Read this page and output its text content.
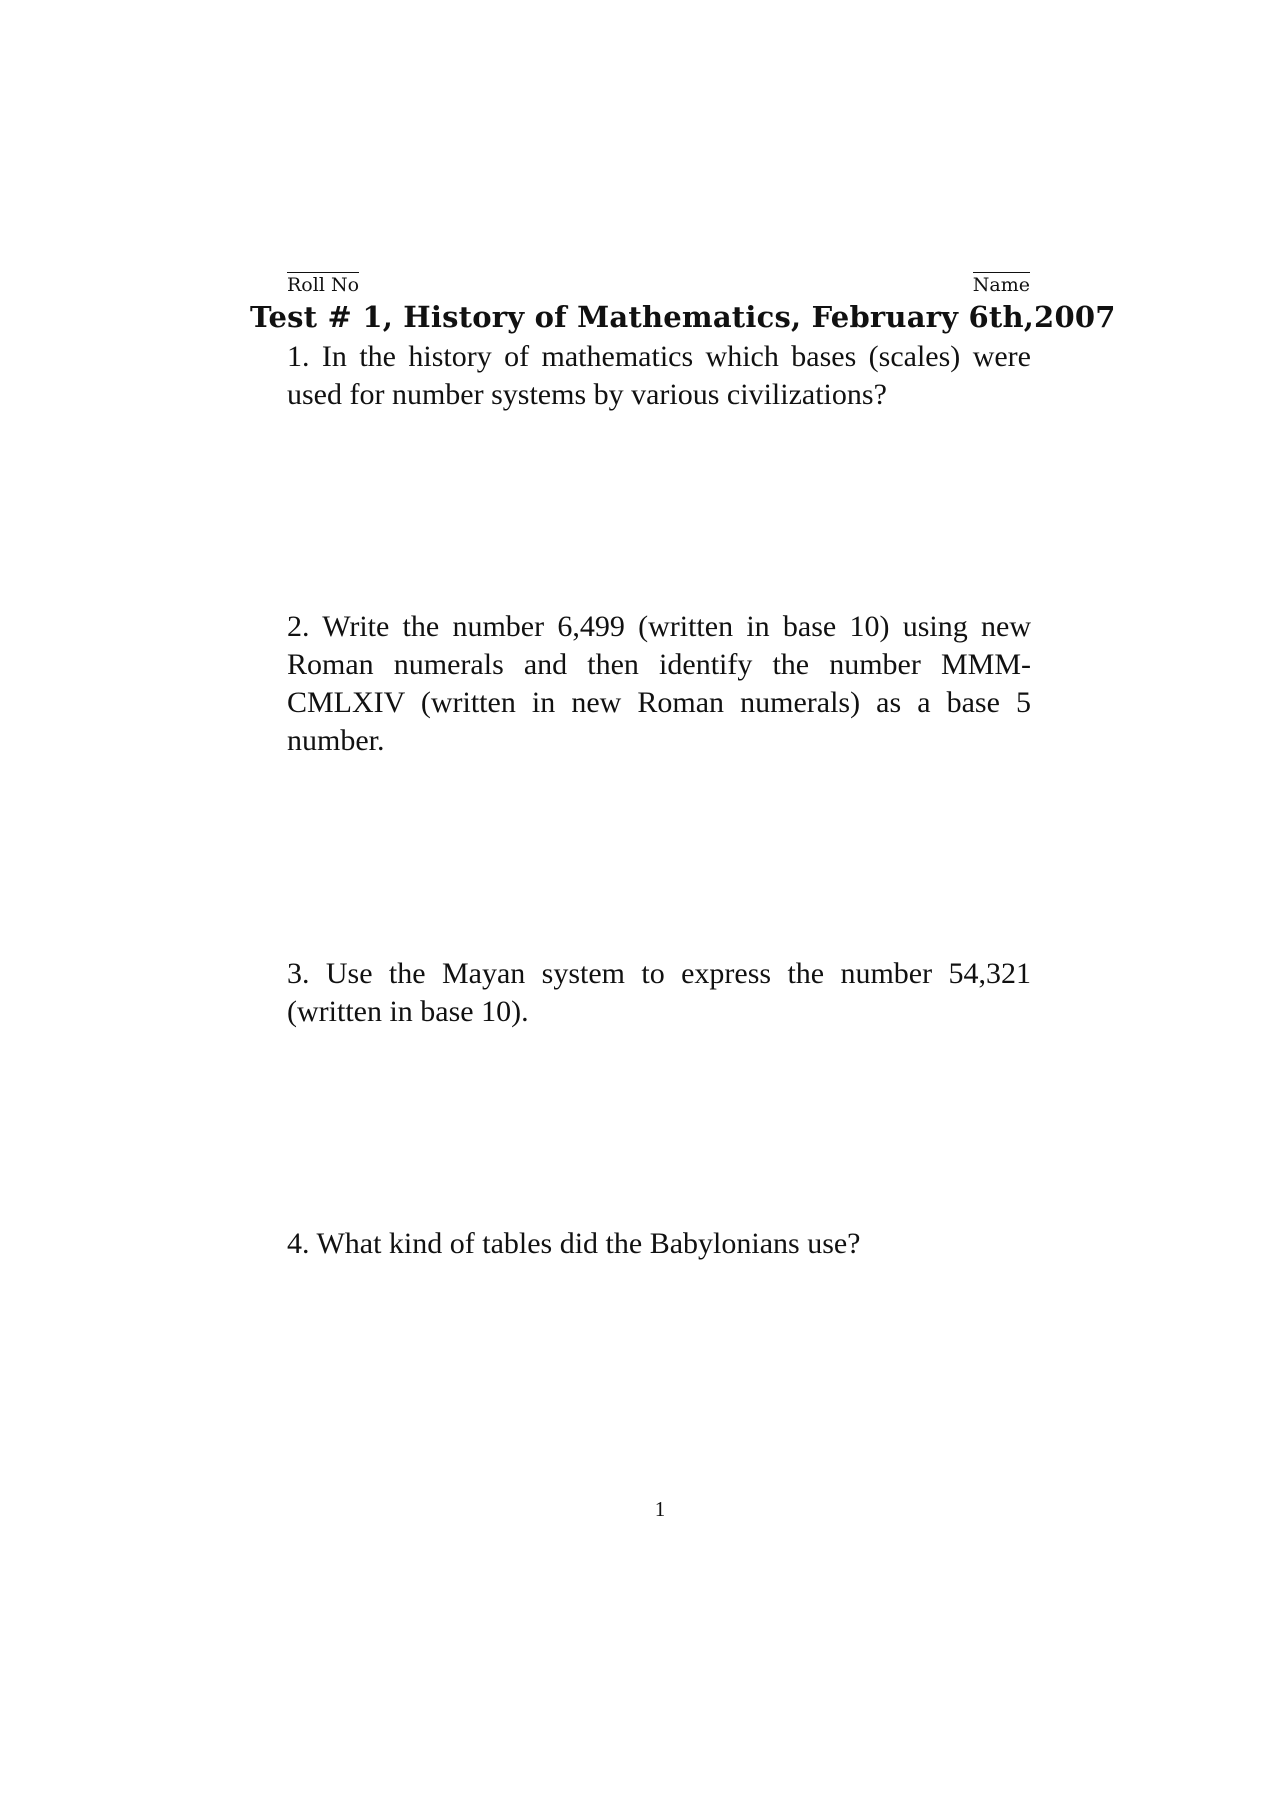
Roll No	Name
Test # 1, History of Mathematics, February 6th,2007
1. In the history of mathematics which bases (scales) were used for number systems by various civilizations?
2. Write the number 6,499 (written in base 10) using new Roman numerals and then identify the number MMM-CMLXIV (written in new Roman numerals) as a base 5 number.
3. Use the Mayan system to express the number 54,321 (written in base 10).
4. What kind of tables did the Babylonians use?
1
